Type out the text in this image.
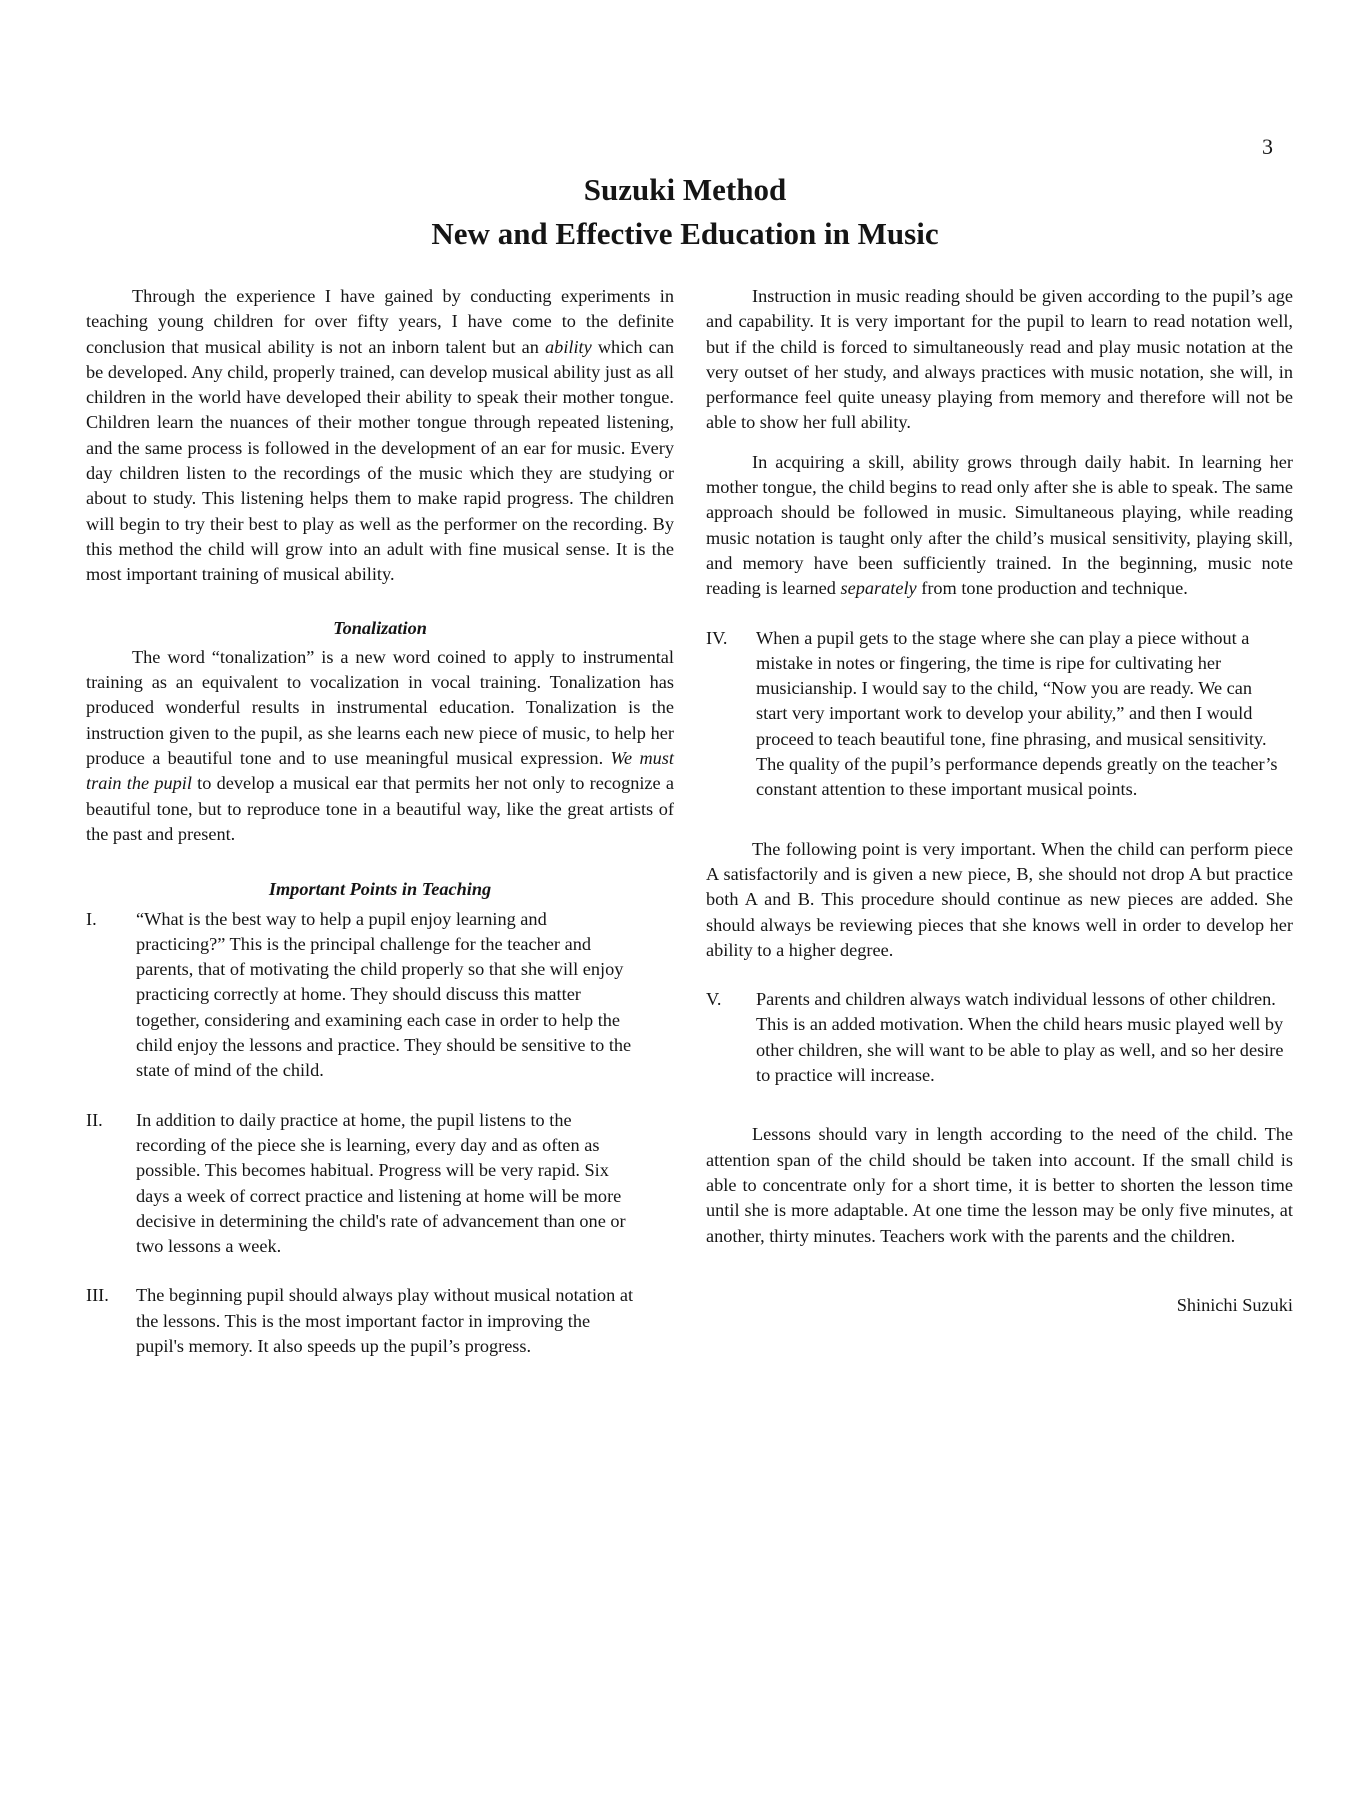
3
Suzuki Method
New and Effective Education in Music

Through the experience I have gained by conducting experiments in teaching young children for over fifty years, I have come to the definite conclusion that musical ability is not an inborn talent but an ability which can be developed. Any child, properly trained, can develop musical ability just as all children in the world have developed their ability to speak their mother tongue. Children learn the nuances of their mother tongue through repeated listening, and the same process is followed in the development of an ear for music. Every day children listen to the recordings of the music which they are studying or about to study. This listening helps them to make rapid progress. The children will begin to try their best to play as well as the performer on the recording. By this method the child will grow into an adult with fine musical sense. It is the most important training of musical ability.

Tonalization

The word “tonalization” is a new word coined to apply to instrumental training as an equivalent to vocalization in vocal training. Tonalization has produced wonderful results in instrumental education. Tonalization is the instruction given to the pupil, as she learns each new piece of music, to help her produce a beautiful tone and to use meaningful musical expression. We must train the pupil to develop a musical ear that permits her not only to recognize a beautiful tone, but to reproduce tone in a beautiful way, like the great artists of the past and present.

Important Points in Teaching
I.	“What is the best way to help a pupil enjoy learning and practicing?” This is the principal challenge for the teacher and parents, that of motivating the child properly so that she will enjoy practicing correctly at home. They should discuss this matter together, considering and examining each case in order to help the child enjoy the lessons and practice. They should be sensitive to the state of mind of the child.
II.	In addition to daily practice at home, the pupil listens to the recording of the piece she is learning, every day and as often as possible. This becomes habitual. Progress will be very rapid. Six days a week of correct practice and listening at home will be more decisive in determining the child's rate of advancement than one or two lessons a week.
III.	The beginning pupil should always play without musical notation at the lessons. This is the most important factor in improving the pupil's memory. It also speeds up the pupil’s progress.

Instruction in music reading should be given according to the pupil’s age and capability. It is very important for the pupil to learn to read notation well, but if the child is forced to simultaneously read and play music notation at the very outset of her study, and always practices with music notation, she will, in performance feel quite uneasy playing from memory and therefore will not be able to show her full ability.

In acquiring a skill, ability grows through daily habit. In learning her mother tongue, the child begins to read only after she is able to speak. The same approach should be followed in music. Simultaneous playing, while reading music notation is taught only after the child’s musical sensitivity, playing skill, and memory have been sufficiently trained. In the beginning, music note reading is learned separately from tone production and technique.

IV.	When a pupil gets to the stage where she can play a piece without a mistake in notes or fingering, the time is ripe for cultivating her musicianship. I would say to the child, “Now you are ready. We can start very important work to develop your ability,” and then I would proceed to teach beautiful tone, fine phrasing, and musical sensitivity.
The quality of the pupil’s performance depends greatly on the teacher’s constant attention to these important musical points.

The following point is very important. When the child can perform piece A satisfactorily and is given a new piece, B, she should not drop A but practice both A and B. This procedure should continue as new pieces are added. She should always be reviewing pieces that she knows well in order to develop her ability to a higher degree.

V.	Parents and children always watch individual lessons of other children. This is an added motivation. When the child hears music played well by other children, she will want to be able to play as well, and so her desire to practice will increase.

Lessons should vary in length according to the need of the child. The attention span of the child should be taken into account. If the small child is able to concentrate only for a short time, it is better to shorten the lesson time until she is more adaptable. At one time the lesson may be only five minutes, at another, thirty minutes. Teachers work with the parents and the children.

Shinichi Suzuki
